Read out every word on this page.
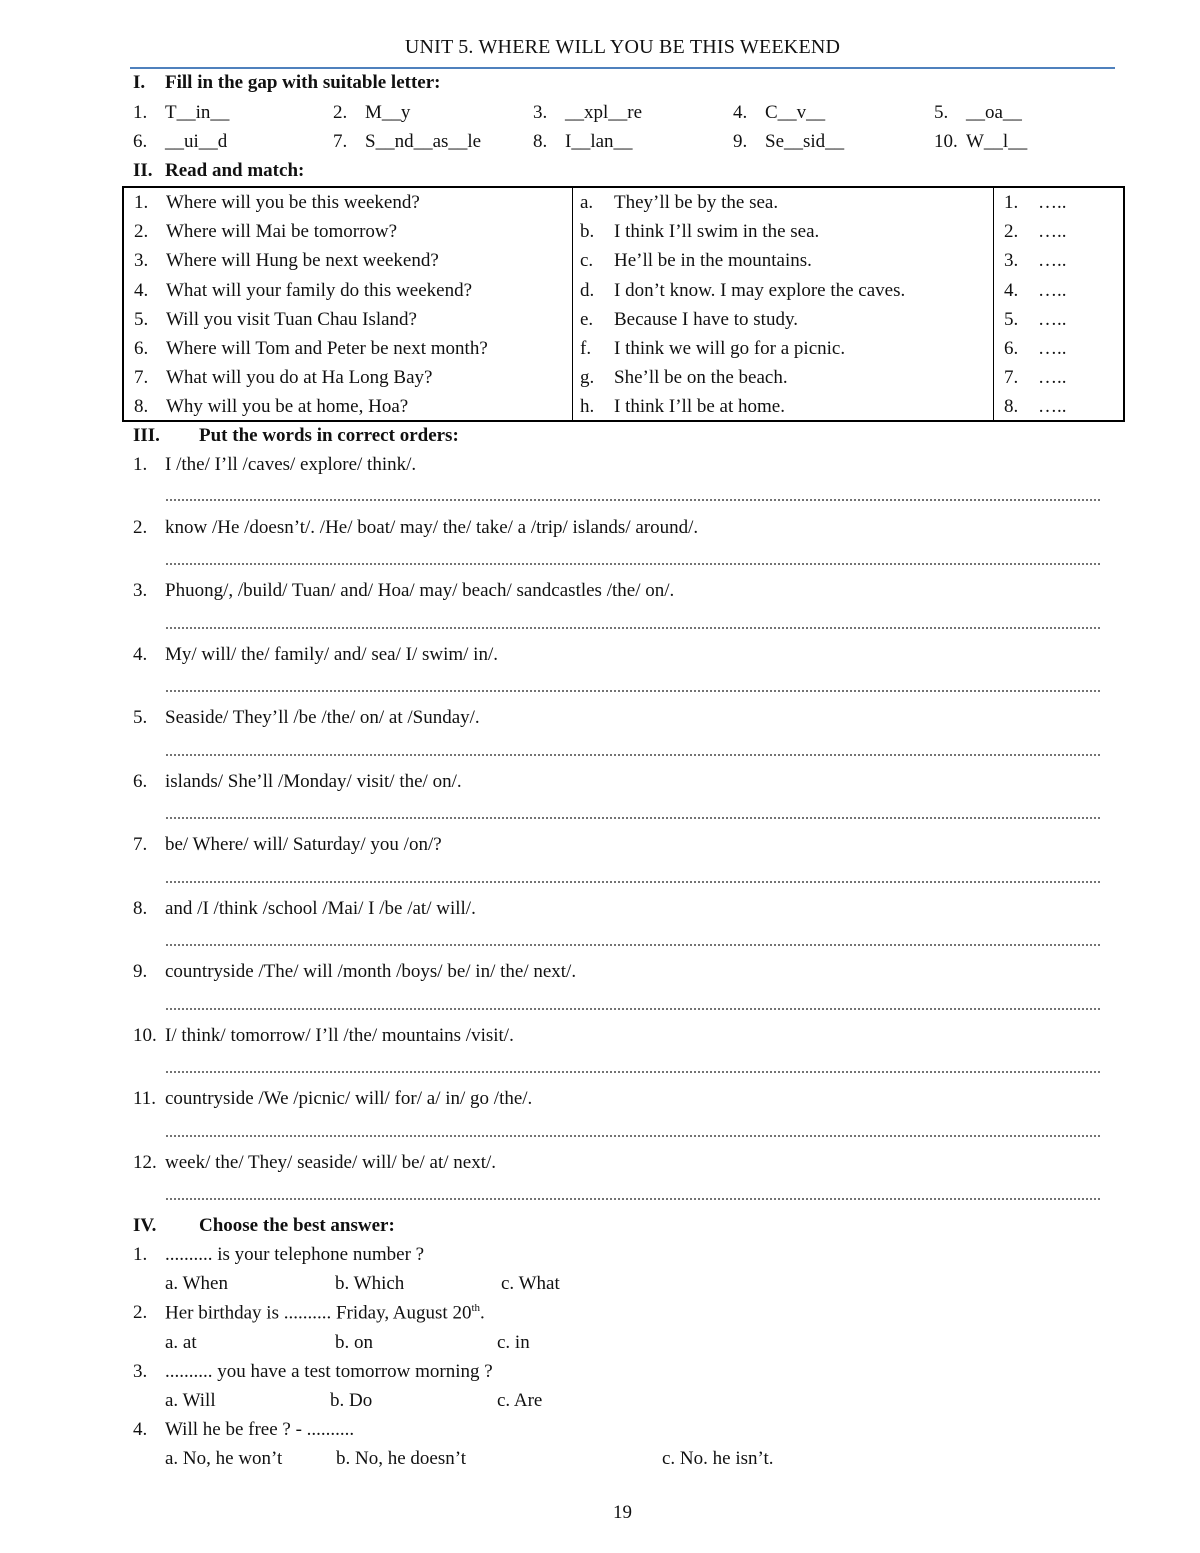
UNIT 5. WHERE WILL YOU BE THIS WEEKEND
I. Fill in the gap with suitable letter:
1. T__in__	2. M__y	3. __xpl__re	4. C__v__	5. __oa__
6. __ui__d	7. S__nd__as__le	8. I__lan__	9. Se__sid__	10. W__l__
II. Read and match:
1. Where will you be this weekend?	a. They’ll be by the sea.	1. …..
2. Where will Mai be tomorrow?	b. I think I’ll swim in the sea.	2. …..
3. Where will Hung be next weekend?	c. He’ll be in the mountains.	3. …..
4. What will your family do this weekend?	d. I don’t know. I may explore the caves.	4. …..
5. Will you visit Tuan Chau Island?	e. Because I have to study.	5. …..
6. Where will Tom and Peter be next month?	f. I think we will go for a picnic.	6. …..
7. What will you do at Ha Long Bay?	g. She’ll be on the beach.	7. …..
8. Why will you be at home, Hoa?	h. I think I’ll be at home.	8. …..
III. Put the words in correct orders:
1. I /the/ I’ll /caves/ explore/ think/.
2. know /He /doesn’t/. /He/ boat/ may/ the/ take/ a /trip/ islands/ around/.
3. Phuong/, /build/ Tuan/ and/ Hoa/ may/ beach/ sandcastles /the/ on/.
4. My/ will/ the/ family/ and/ sea/ I/ swim/ in/.
5. Seaside/ They’ll /be /the/ on/ at /Sunday/.
6. islands/ She’ll /Monday/ visit/ the/ on/.
7. be/ Where/ will/ Saturday/ you /on/?
8. and /I /think /school /Mai/ I /be /at/ will/.
9. countryside /The/ will /month /boys/ be/ in/ the/ next/.
10. I/ think/ tomorrow/ I’ll /the/ mountains /visit/.
11. countryside /We /picnic/ will/ for/ a/ in/ go /the/.
12. week/ the/ They/ seaside/ will/ be/ at/ next/.
IV. Choose the best answer:
1. .......... is your telephone number ?
a. When	b. Which	c. What
2. Her birthday is .......... Friday, August 20th.
a. at	b. on	c. in
3. .......... you have a test tomorrow morning ?
a. Will	b. Do	c. Are
4. Will he be free ? - ..........
a. No, he won’t	b. No, he doesn’t	c. No. he isn’t.
19
